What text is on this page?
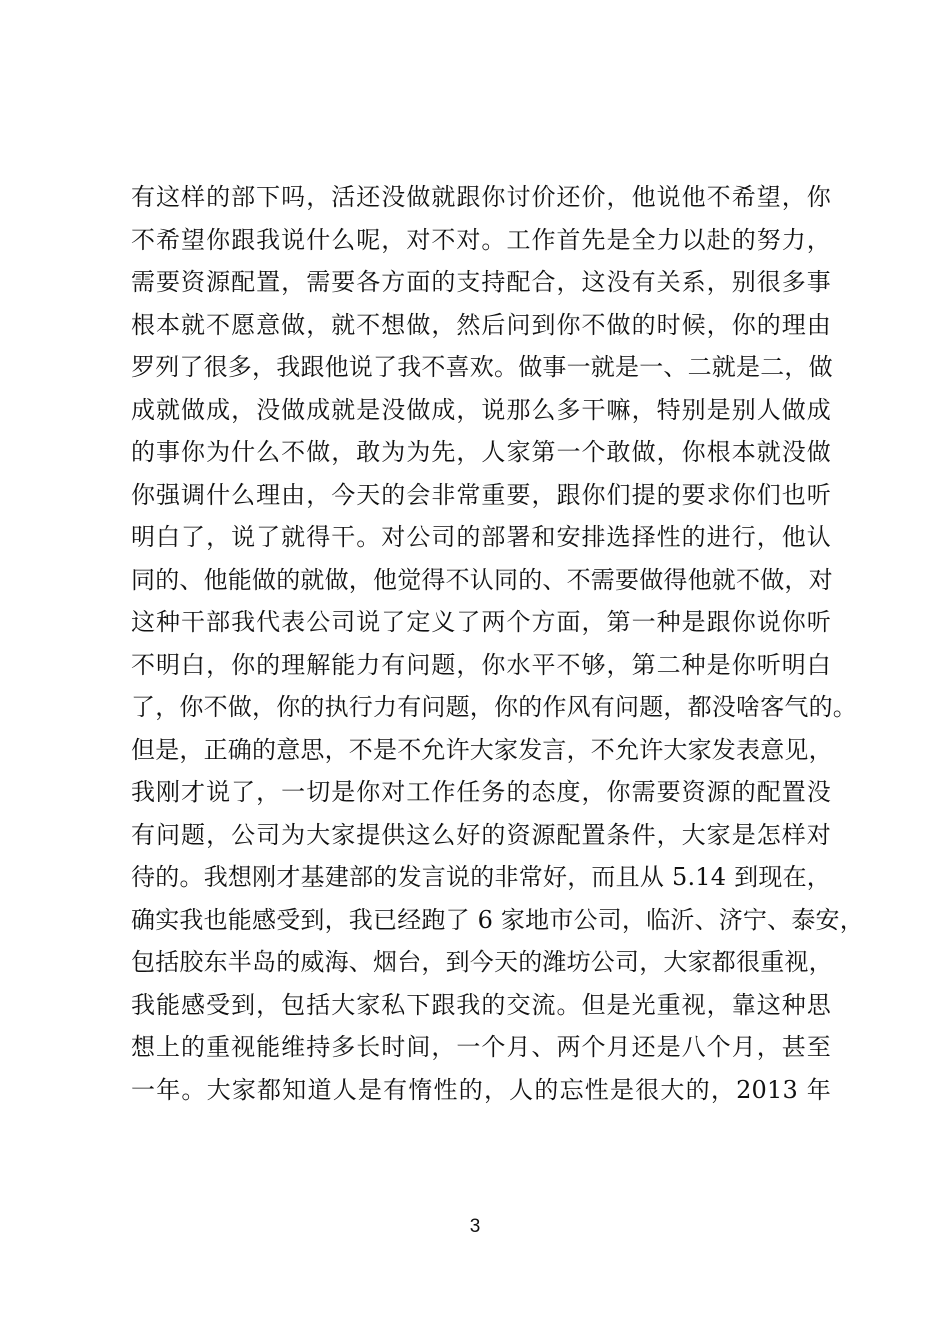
有这样的部下吗，活还没做就跟你讨价还价，他说他不希望，你
不希望你跟我说什么呢，对不对。工作首先是全力以赴的努力，
需要资源配置，需要各方面的支持配合，这没有关系，别很多事
根本就不愿意做，就不想做，然后问到你不做的时候，你的理由
罗列了很多，我跟他说了我不喜欢。做事一就是一、二就是二，做
成就做成，没做成就是没做成，说那么多干嘛，特别是别人做成
的事你为什么不做，敢为为先，人家第一个敢做，你根本就没做
你强调什么理由，今天的会非常重要，跟你们提的要求你们也听
明白了，说了就得干。对公司的部署和安排选择性的进行，他认
同的、他能做的就做，他觉得不认同的、不需要做得他就不做，对
这种干部我代表公司说了定义了两个方面，第一种是跟你说你听
不明白，你的理解能力有问题，你水平不够，第二种是你听明白
了，你不做，你的执行力有问题，你的作风有问题，都没啥客气的。
但是，正确的意思，不是不允许大家发言，不允许大家发表意见，
我刚才说了，一切是你对工作任务的态度，你需要资源的配置没
有问题，公司为大家提供这么好的资源配置条件，大家是怎样对
待的。我想刚才基建部的发言说的非常好，而且从 5.14 到现在，
确实我也能感受到，我已经跑了 6 家地市公司，临沂、济宁、泰安，
包括胶东半岛的威海、烟台，到今天的潍坊公司，大家都很重视，
我能感受到，包括大家私下跟我的交流。但是光重视，靠这种思
想上的重视能维持多长时间，一个月、两个月还是八个月，甚至
一年。大家都知道人是有惰性的，人的忘性是很大的，2013 年
3
